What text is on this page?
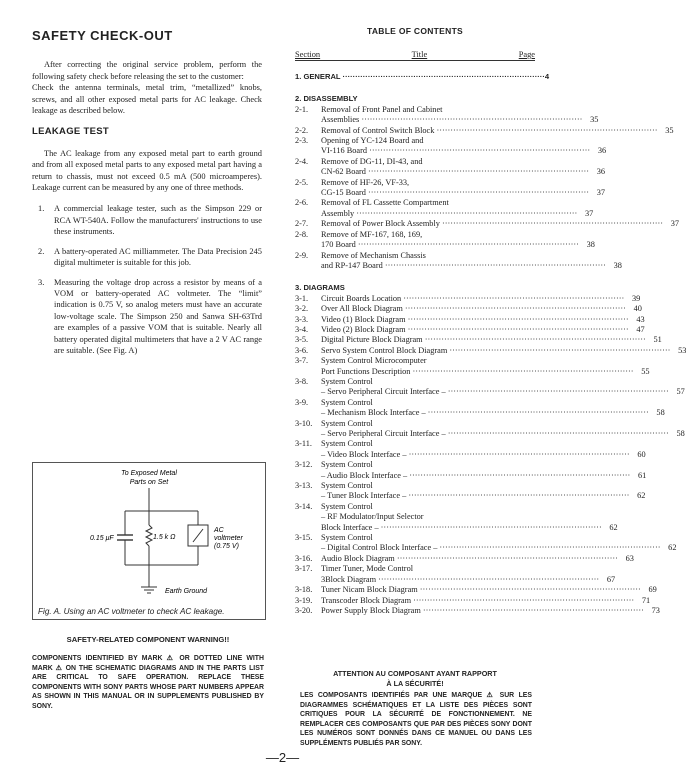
SAFETY CHECK-OUT

After correcting the original service problem, perform the following safety check before releasing the set to the customer:

Check the antenna terminals, metal trim, “metallized” knobs, screws, and all other exposed metal parts for AC leakage. Check leakage as described below.

LEAKAGE TEST

The AC leakage from any exposed metal part to earth ground and from all exposed metal parts to any exposed metal part having a return to chassis, must not exceed 0.5 mA (500 microamperes). Leakage current can be measured by any one of three methods.

1. A commercial leakage tester, such as the Simpson 229 or RCA WT-540A. Follow the manufacturers' instructions to use these instruments.
2. A battery-operated AC milliammeter. The Data Precision 245 digital multimeter is suitable for this job.
3. Measuring the voltage drop across a resistor by means of a VOM or battery-operated AC voltmeter. The “limit” indication is 0.75 V, so analog meters must have an accurate low-voltage scale. The Simpson 250 and Sanwa SH-63Trd are examples of a passive VOM that is suitable. Nearly all battery operated digital multimeters that have a 2 V AC range are suitable. (See Fig. A)
To Exposed Metal
Parts on Set
0.15 μF	1.5 k Ω
AC
voltmeter
(0.75 V)
Earth Ground
Fig. A. Using an AC voltmeter to check AC leakage.
SAFETY-RELATED COMPONENT WARNING!!
COMPONENTS IDENTIFIED BY MARK ⚠ OR DOTTED LINE WITH MARK ⚠ ON THE SCHEMATIC DIAGRAMS AND IN THE PARTS LIST ARE CRITICAL TO SAFE OPERATION. REPLACE THESE COMPONENTS WITH SONY PARTS WHOSE PART NUMBERS APPEAR AS SHOWN IN THIS MANUAL OR IN SUPPLEMENTS PUBLISHED BY SONY.
TABLE OF CONTENTS
Section	Title	Page
1. GENERAL ·····	4
2. DISASSEMBLY
2-1.	Removal of Front Panel and Cabinet
Assemblies ·····	35
2-2.	Removal of Control Switch Block ·····	35
2-3.	Opening of YC-124 Board and
VI-116 Board ·····	36
2-4.	Remove of DG-11, DI-43, and
CN-62 Board ·····	36
2-5.	Remove of HF-26, VF-33,
CG-15 Board ·····	37
2-6.	Removal of FL Cassette Compartment
Assembly ·····	37
2-7.	Removal of Power Block Assembly ·····	37
2-8.	Remove of MF-167, 168, 169,
170 Board ·····	38
2-9.	Remove of Mechanism Chassis
and RP-147 Board ·····	38
3. DIAGRAMS
3-1.	Circuit Boards Location ·····	39
3-2.	Over All Block Diagram ·····	40
3-3.	Video (1) Block Diagram ·····	43
3-4.	Video (2) Block Diagram ·····	47
3-5.	Digital Picture Block Diagram ·····	51
3-6.	Servo System Control Block Diagram ·····	53
3-7.	System Control Microcomputer
Port Functions Description ·····	55
3-8.	System Control
– Servo Peripheral Circuit Interface – ·····	57
3-9.	System Control
– Mechanism Block Interface – ·····	58
3-10.	System Control
– Servo Peripheral Circuit Interface – ·····	58
3-11.	System Control
– Video Block Interface – ·····	60
3-12.	System Control
– Audio Block Interface – ·····	61
3-13.	System Control
– Tuner Block Interface – ·····	62
3-14.	System Control
– RF Modulator/Input Selector
Block Interface – ·····	62
3-15.	System Control
– Digital Control Block Interface – ·····	62
3-16.	Audio Block Diagram ·····	63
3-17.	Timer Tuner, Mode Control
3Block Diagram ·····	67
3-18.	Tuner Nicam Block Diagram ·····	69
3-19.	Transcoder Block Diagram ·····	71
3-20.	Power Supply Block Diagram ·····	73
ATTENTION AU COMPOSANT AYANT RAPPORT
À LA SÉCURITÉ!
LES COMPOSANTS IDENTIFIÉS PAR UNE MARQUE ⚠ SUR LES DIAGRAMMES SCHÉMATIQUES ET LA LISTE DES PIÈCES SONT CRITIQUES POUR LA SÉCURITÉ DE FONCTIONNEMENT. NE REMPLACER CES COMPOSANTS QUE PAR DES PIÈCES SONY DONT LES NUMÉROS SONT DONNÉS DANS CE MANUEL OU DANS LES SUPPLÉMENTS PUBLIÉS PAR SONY.
—2—
